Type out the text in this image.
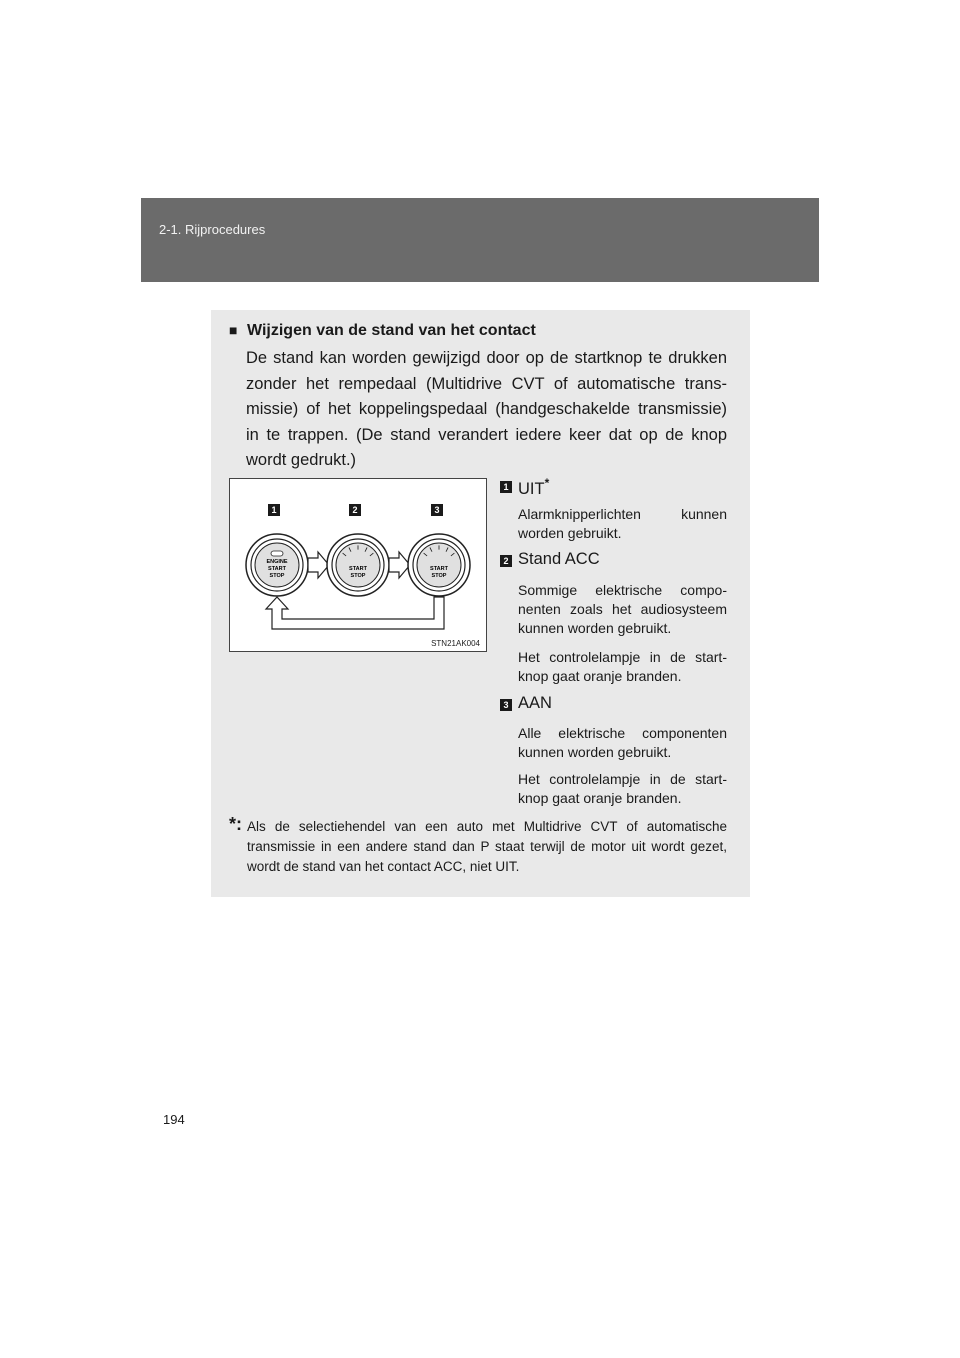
2-1. Rijprocedures
■ Wijzigen van de stand van het contact
De stand kan worden gewijzigd door op de startknop te drukken zonder het rempedaal (Multidrive CVT of automatische trans-missie) of het koppelingspedaal (handgeschakelde transmissie) in te trappen. (De stand verandert iedere keer dat op de knop wordt gedrukt.)
1	2	3
ENGINE
START
STOP
START
STOP
START
STOP
STN21AK004
1 UIT*
Alarmknipperlichten kunnen worden gebruikt.
2 Stand ACC
Sommige elektrische compo-nenten zoals het audiosysteem kunnen worden gebruikt.
Het controlelampje in de start-knop gaat oranje branden.
3 AAN
Alle elektrische componenten kunnen worden gebruikt.
Het controlelampje in de start-knop gaat oranje branden.
*: Als de selectiehendel van een auto met Multidrive CVT of automatische transmissie in een andere stand dan P staat terwijl de motor uit wordt gezet, wordt de stand van het contact ACC, niet UIT.
194
